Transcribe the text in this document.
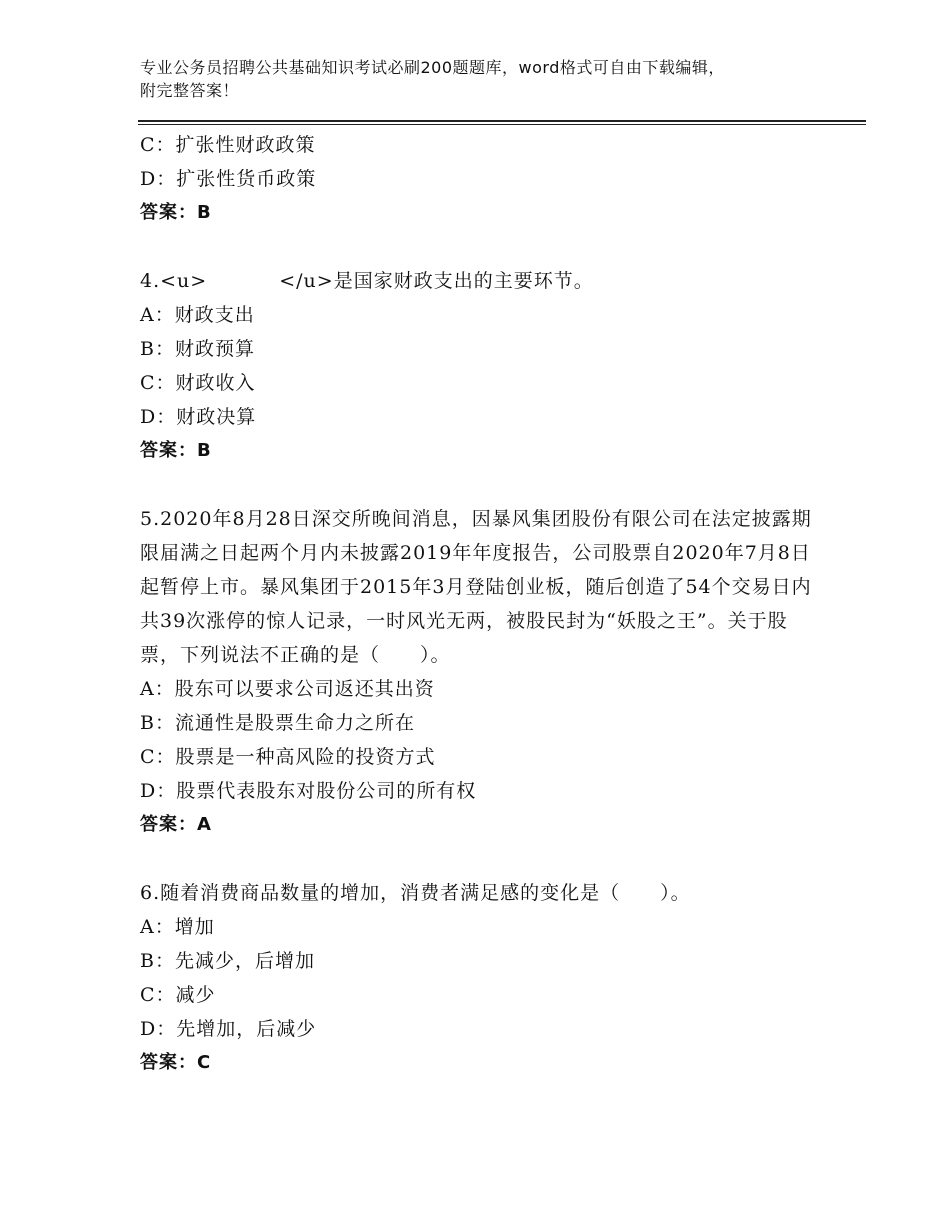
专业公务员招聘公共基础知识考试必刷200题题库，word格式可自由下载编辑，
附完整答案！
C：扩张性财政政策
D：扩张性货币政策
答案：B
4.<u>	</u>是国家财政支出的主要环节。
A：财政支出
B：财政预算
C：财政收入
D：财政决算
答案：B
5.2020年8月28日深交所晚间消息，因暴风集团股份有限公司在法定披露期限届满之日起两个月内未披露2019年年度报告，公司股票自2020年7月8日起暂停上市。暴风集团于2015年3月登陆创业板，随后创造了54个交易日内共39次涨停的惊人记录，一时风光无两，被股民封为“妖股之王”。关于股票，下列说法不正确的是（　　）。
A：股东可以要求公司返还其出资
B：流通性是股票生命力之所在
C：股票是一种高风险的投资方式
D：股票代表股东对股份公司的所有权
答案：A
6.随着消费商品数量的增加，消费者满足感的变化是（　　）。
A：增加
B：先减少，后增加
C：减少
D：先增加，后减少
答案：C
